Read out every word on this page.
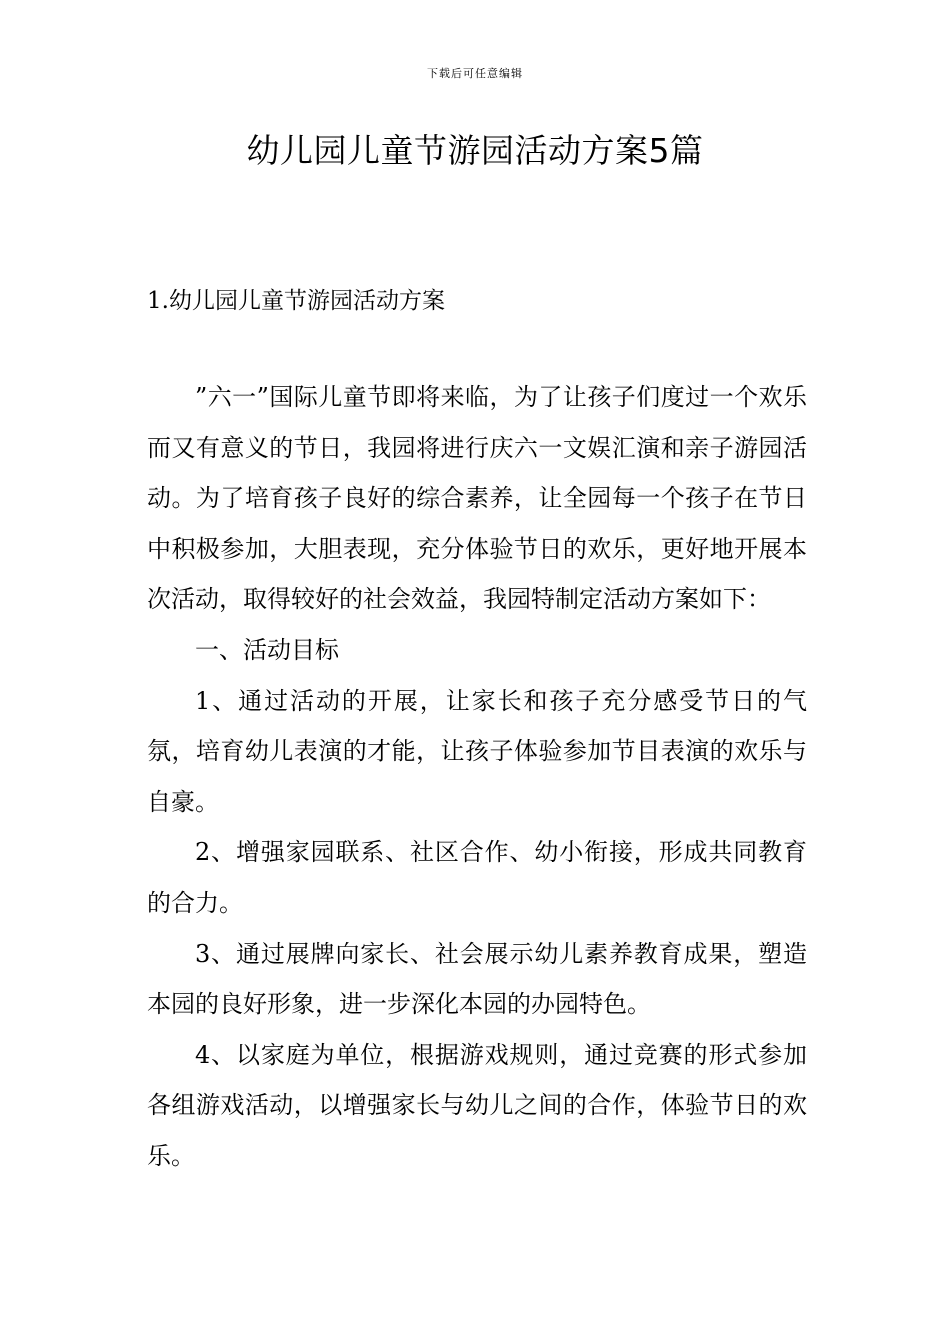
下载后可任意编辑
幼儿园儿童节游园活动方案5篇
1.幼儿园儿童节游园活动方案

”六一”国际儿童节即将来临，为了让孩子们度过一个欢乐而又有意义的节日，我园将进行庆六一文娱汇演和亲子游园活动。为了培育孩子良好的综合素养，让全园每一个孩子在节日中积极参加，大胆表现，充分体验节日的欢乐，更好地开展本次活动，取得较好的社会效益，我园特制定活动方案如下：

一、活动目标

1、通过活动的开展，让家长和孩子充分感受节日的气氛，培育幼儿表演的才能，让孩子体验参加节目表演的欢乐与自豪。

2、增强家园联系、社区合作、幼小衔接，形成共同教育的合力。

3、通过展牌向家长、社会展示幼儿素养教育成果，塑造本园的良好形象，进一步深化本园的办园特色。

4、以家庭为单位，根据游戏规则，通过竞赛的形式参加各组游戏活动，以增强家长与幼儿之间的合作，体验节日的欢乐。
